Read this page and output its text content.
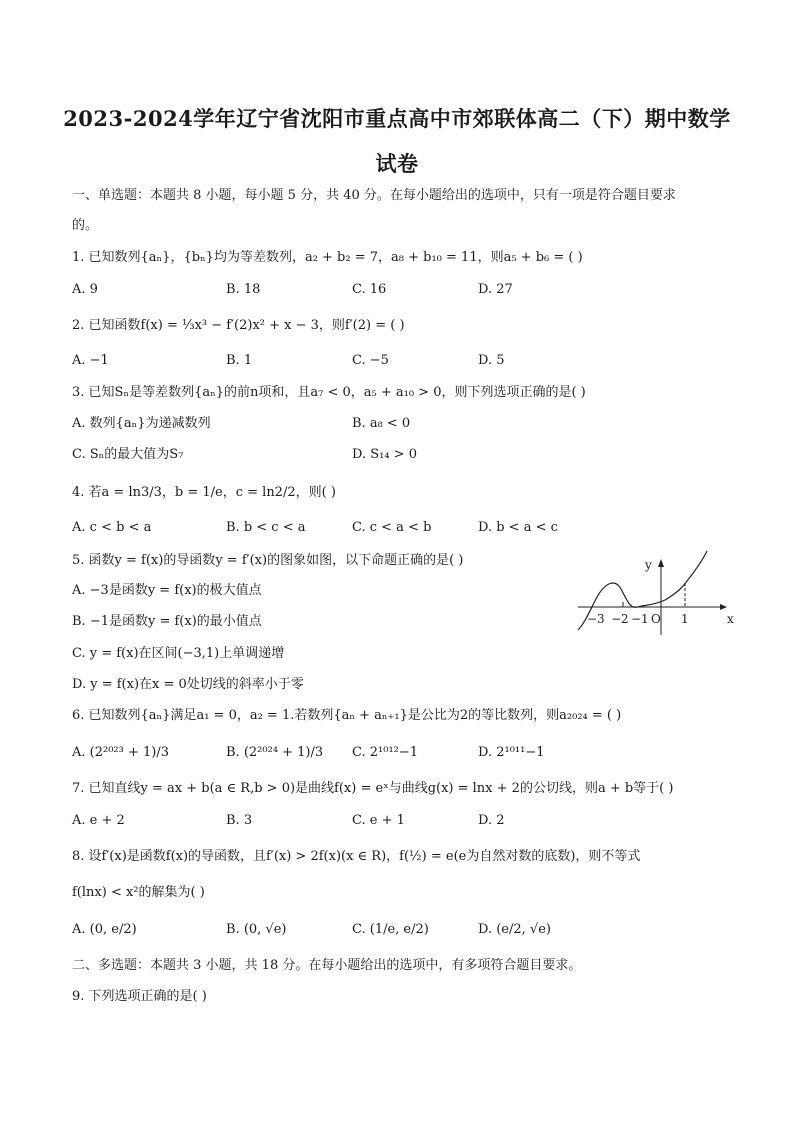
2023-2024学年辽宁省沈阳市重点高中市郊联体高二（下）期中数学
试卷
一、单选题：本题共 8 小题，每小题 5 分，共 40 分。在每小题给出的选项中，只有一项是符合题目要求
的。
1. 已知数列{aₙ}，{bₙ}均为等差数列，a₂ + b₂ = 7，a₈ + b₁₀ = 11，则a₅ + b₆ = ( )
A. 9	B. 18	C. 16	D. 27
2. 已知函数f(x) = ⅓x³ − f′(2)x² + x − 3，则f′(2) = ( )
A. −1	B. 1	C. −5	D. 5
3. 已知Sₙ是等差数列{aₙ}的前n项和，且a₇ < 0，a₅ + a₁₀ > 0，则下列选项正确的是( )
A. 数列{aₙ}为递减数列	B. a₈ < 0
C. Sₙ的最大值为S₇	D. S₁₄ > 0
4. 若a = ln3/3，b = 1/e，c = ln2/2，则( )
A. c < b < a	B. b < c < a	C. c < a < b	D. b < a < c
5. 函数y = f(x)的导函数y = f′(x)的图象如图，以下命题正确的是( )
A. −3是函数y = f(x)的极大值点
B. −1是函数y = f(x)的最小值点
C. y = f(x)在区间(−3,1)上单调递增
D. y = f(x)在x = 0处切线的斜率小于零
y
x
O
−3 −2 −1	1
6. 已知数列{aₙ}满足a₁ = 0，a₂ = 1.若数列{aₙ + aₙ₊₁}是公比为2的等比数列，则a₂₀₂₄ = ( )
A. (2²⁰²³ + 1)/3	B. (2²⁰²⁴ + 1)/3 C. 2¹⁰¹²−1	D. 2¹⁰¹¹−1
7. 已知直线y = ax + b(a ∈ R,b > 0)是曲线f(x) = eˣ与曲线g(x) = lnx + 2的公切线，则a + b等于( )
A. e + 2	B. 3	C. e + 1	D. 2
8. 设f′(x)是函数f(x)的导函数，且f′(x) > 2f(x)(x ∈ R)，f(½) = e(e为自然对数的底数)，则不等式
f(lnx) < x²的解集为( )
A. (0, e/2)	B. (0, √e)	C. (1/e, e/2)	D. (e/2, √e)
二、多选题：本题共 3 小题，共 18 分。在每小题给出的选项中，有多项符合题目要求。
9. 下列选项正确的是( )
